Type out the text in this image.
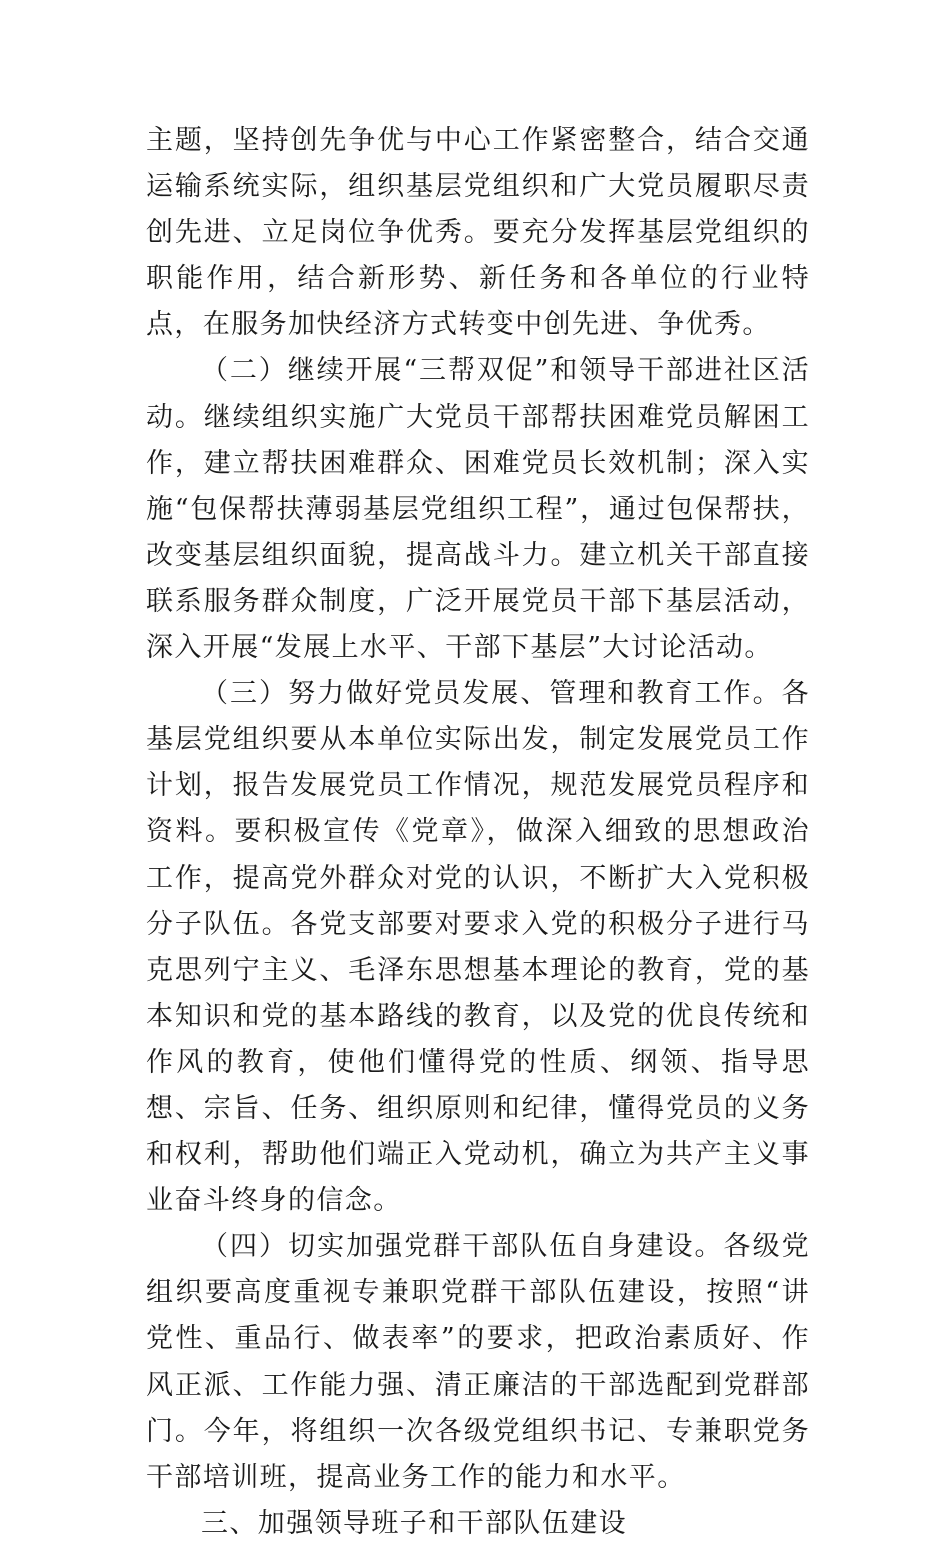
主题，坚持创先争优与中心工作紧密整合，结合交通运输系统实际，组织基层党组织和广大党员履职尽责创先进、立足岗位争优秀。要充分发挥基层党组织的职能作用，结合新形势、新任务和各单位的行业特点，在服务加快经济方式转变中创先进、争优秀。

（二）继续开展“三帮双促”和领导干部进社区活动。继续组织实施广大党员干部帮扶困难党员解困工作，建立帮扶困难群众、困难党员长效机制；深入实施“包保帮扶薄弱基层党组织工程”，通过包保帮扶，改变基层组织面貌，提高战斗力。建立机关干部直接联系服务群众制度，广泛开展党员干部下基层活动，深入开展“发展上水平、干部下基层”大讨论活动。

（三）努力做好党员发展、管理和教育工作。各基层党组织要从本单位实际出发，制定发展党员工作计划，报告发展党员工作情况，规范发展党员程序和资料。要积极宣传《党章》，做深入细致的思想政治工作，提高党外群众对党的认识，不断扩大入党积极分子队伍。各党支部要对要求入党的积极分子进行马克思列宁主义、毛泽东思想基本理论的教育，党的基本知识和党的基本路线的教育，以及党的优良传统和作风的教育，使他们懂得党的性质、纲领、指导思想、宗旨、任务、组织原则和纪律，懂得党员的义务和权利，帮助他们端正入党动机，确立为共产主义事业奋斗终身的信念。

（四）切实加强党群干部队伍自身建设。各级党组织要高度重视专兼职党群干部队伍建设，按照“讲党性、重品行、做表率”的要求，把政治素质好、作风正派、工作能力强、清正廉洁的干部选配到党群部门。今年，将组织一次各级党组织书记、专兼职党务干部培训班，提高业务工作的能力和水平。

三、加强领导班子和干部队伍建设
